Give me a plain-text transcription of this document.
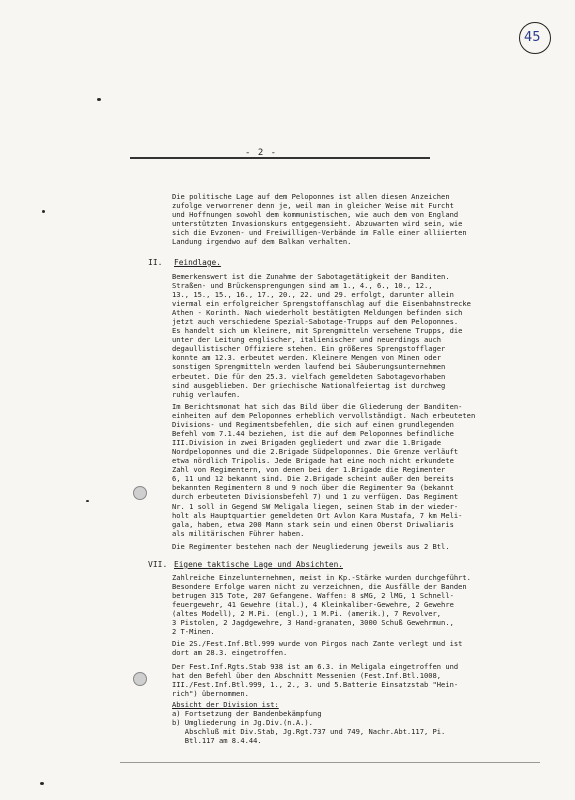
45
- 2 -

Die politische Lage auf dem Peloponnes ist allen diesen Anzeichen
zufolge verworrener denn je, weil man in gleicher Weise mit Furcht
und Hoffnungen sowohl dem kommunistischen, wie auch dem von England
unterstützten Invasionskurs entgegensieht. Abzuwarten wird sein, wie
sich die Evzonen- und Freiwilligen-Verbände im Falle einer alliierten
Landung irgendwo auf dem Balkan verhalten.

II. Feindlage.

Bemerkenswert ist die Zunahme der Sabotagetätigkeit der Banditen.
Straßen- und Brückensprengungen sind am 1., 4., 6., 10., 12.,
13., 15., 15., 16., 17., 20., 22. und 29. erfolgt, darunter allein
viermal ein erfolgreicher Sprengstoffanschlag auf die Eisenbahnstrecke
Athen - Korinth. Nach wiederholt bestätigten Meldungen befinden sich
jetzt auch verschiedene Spezial-Sabotage-Trupps auf dem Peloponnes.
Es handelt sich um kleinere, mit Sprengmitteln versehene Trupps, die
unter der Leitung englischer, italienischer und neuerdings auch
degaullistischer Offiziere stehen. Ein größeres Sprengstofflager
konnte am 12.3. erbeutet werden. Kleinere Mengen von Minen oder
sonstigen Sprengmitteln werden laufend bei Säuberungsunternehmen
erbeutet. Die für den 25.3. vielfach gemeldeten Sabotagevorhaben
sind ausgeblieben. Der griechische Nationalfeiertag ist durchweg
ruhig verlaufen.

Im Berichtsmonat hat sich das Bild über die Gliederung der Banditen-
einheiten auf dem Peloponnes erheblich vervollständigt. Nach erbeuteten
Divisions- und Regimentsbefehlen, die sich auf einen grundlegenden
Befehl vom 7.1.44 beziehen, ist die auf dem Peloponnes befindliche
III.Division in zwei Brigaden gegliedert und zwar die 1.Brigade
Nordpeloponnes und die 2.Brigade Südpeloponnes. Die Grenze verläuft
etwa nördlich Tripolis. Jede Brigade hat eine noch nicht erkundete
Zahl von Regimentern, von denen bei der 1.Brigade die Regimenter
6, 11 und 12 bekannt sind. Die 2.Brigade scheint außer den bereits
bekannten Regimentern 8 und 9 noch über die Regimenter 9a (bekannt
durch erbeuteten Divisionsbefehl 7) und 1 zu verfügen. Das Regiment
Nr. 1 soll in Gegend SW Meligala liegen, seinen Stab im der wieder-
holt als Hauptquartier gemeldeten Ort Avlon Kara Mustafa, 7 km Meli-
gala, haben, etwa 200 Mann stark sein und einen Oberst Driwaliaris
als militärischen Führer haben.

Die Regimenter bestehen nach der Neugliederung jeweils aus 2 Btl.

VII. Eigene taktische Lage und Absichten.

Zahlreiche Einzelunternehmen, meist in Kp.-Stärke wurden durchgeführt.
Besondere Erfolge waren nicht zu verzeichnen, die Ausfälle der Banden
betrugen 315 Tote, 207 Gefangene. Waffen: 8 sMG, 2 lMG, 1 Schnell-
feuergewehr, 41 Gewehre (ital.), 4 Kleinkaliber-Gewehre, 2 Gewehre
(altes Modell), 2 M.Pi. (engl.), 1 M.Pi. (amerik.), 7 Revolver,
3 Pistolen, 2 Jagdgewehre, 3 Hand-granaten, 3000 Schuß Gewehrmun.,
2 T-Minen.

Die 2S./Fest.Inf.Btl.999 wurde von Pirgos nach Zante verlegt und ist
dort am 28.3. eingetroffen.

Der Fest.Inf.Rgts.Stab 938 ist am 6.3. in Meligala eingetroffen und
hat den Befehl über den Abschnitt Messenien (Fest.Inf.Btl.1008,
III./Fest.Inf.Btl.999, 1., 2., 3. und 5.Batterie Einsatzstab "Hein-
rich") übernommen.

Absicht der Division ist:
a) Fortsetzung der Bandenbekämpfung
b) Umgliederung in Jg.Div.(n.A.).
Abschluß mit Div.Stab, Jg.Rgt.737 und 749, Nachr.Abt.117, Pi.
Btl.117 am 8.4.44.
